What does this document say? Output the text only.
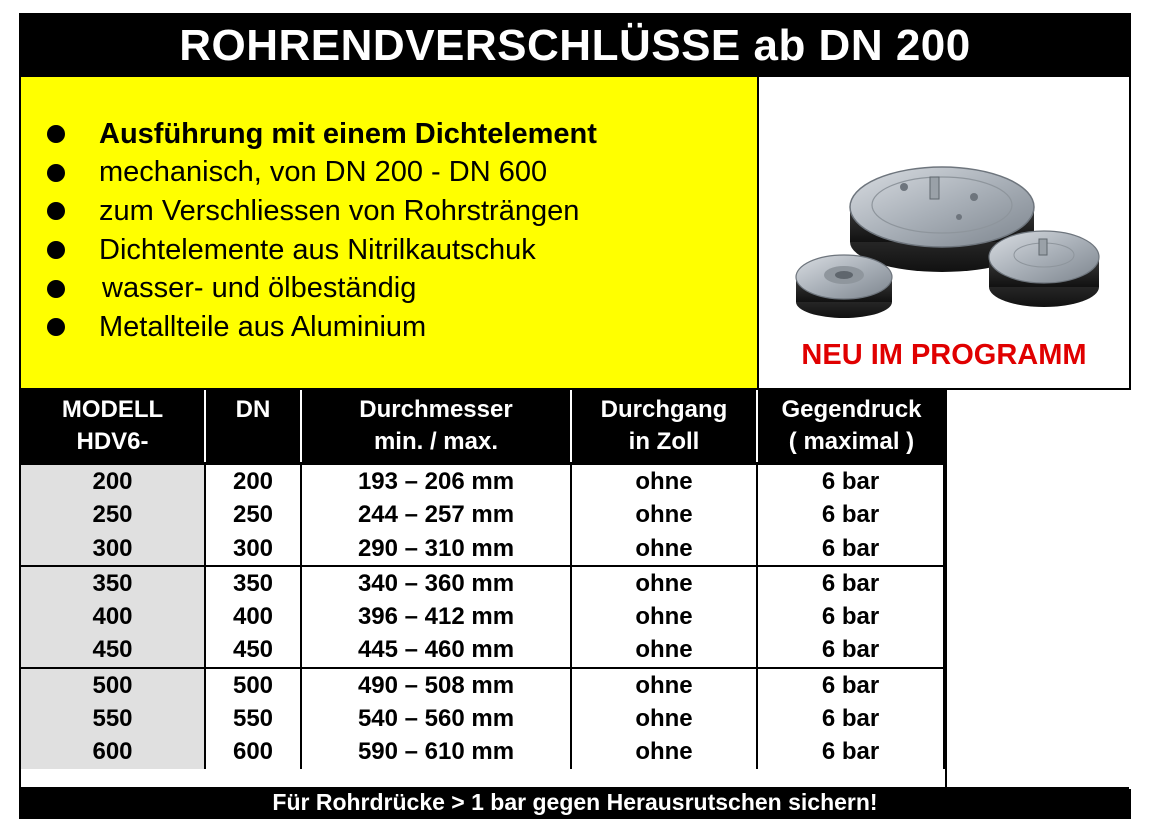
ROHRENDVERSCHLÜSSE ab DN 200
Ausführung mit einem Dichtelement
mechanisch, von DN 200 - DN 600
zum Verschliessen von Rohrsträngen
Dichtelemente aus Nitrilkautschuk
wasser- und ölbeständig
Metallteile aus Aluminium
NEU IM PROGRAMM
MODELL
HDV6-
DN	Durchmesser
min. / max.
Durchgang
in Zoll
Gegendruck
( maximal )
200
250
300
200
250
300
193 – 206 mm
244 – 257 mm
290 – 310 mm
ohne
ohne
ohne
6 bar
6 bar
6 bar
350
400
450
350
400
450
340 – 360 mm
396 – 412 mm
445 – 460 mm
ohne
ohne
ohne
6 bar
6 bar
6 bar
500
550
600
500
550
600
490 – 508 mm
540 – 560 mm
590 – 610 mm
ohne
ohne
ohne
6 bar
6 bar
6 bar
Für Rohrdrücke > 1 bar gegen Herausrutschen sichern!
